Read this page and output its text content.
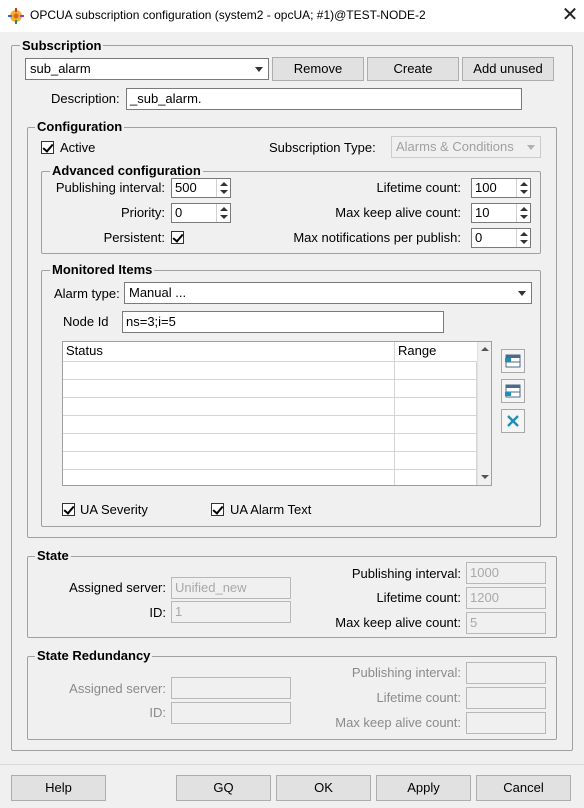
OPCUA subscription configuration (system2 - opcUA; #1)@TEST-NODE-2	✕
Subscription
sub_alarm	Remove	Create	Add unused
Description: _sub_alarm.
Configuration
Active	Subscription Type:	Alarms & Conditions
Advanced configuration
Publishing interval: 500
Priority: 0
Persistent:
Lifetime count:	100
Max keep alive count:	10
Max notifications per publish:	0
Monitored Items
Alarm type: Manual ...
Node Id	ns=3;i=5
Status	Range
UA Severity	UA Alarm Text
State
Assigned server: Unified_new
ID: 1
Publishing interval: 1000
Lifetime count: 1200
Max keep alive count: 5
State Redundancy
Assigned server:
ID:
Publishing interval:
Lifetime count:
Max keep alive count:
Help	GQ	OK	Apply	Cancel
